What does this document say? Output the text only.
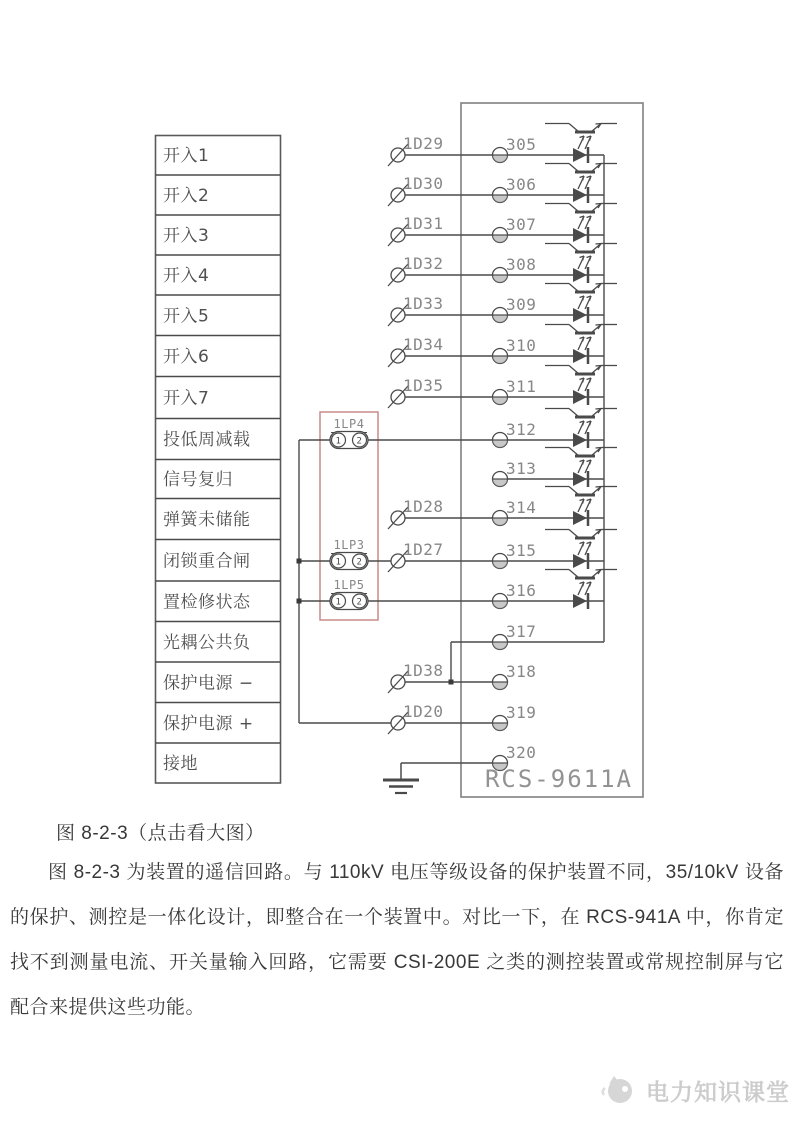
开入1
开入2
开入3
开入4
开入5
开入6
开入7
投低周减载
信号复归
弹簧未储能
闭锁重合闸
置检修状态
光耦公共负
保护电源 −
保护电源 +
接地
1 2
1LP4
1 2
1LP3
1 2
1LP5
1D29
1D30
1D31
1D32
1D33
1D34
1D35
1D28
1D27
1D38
1D20
305
306
307
308
309
310
311
312
313
314
315
316
317
318
319
320
RCS-9611A
图 8-2-3（点击看大图）
图 8-2-3 为装置的遥信回路。与 110kV 电压等级设备的保护装置不同，35/10kV 设备的保护、测控是一体化设计，即整合在一个装置中。对比一下，在 RCS-941A 中，你肯定找不到测量电流、开关量输入回路，它需要 CSI-200E 之类的测控装置或常规控制屏与它配合来提供这些功能。
电力知识课堂
